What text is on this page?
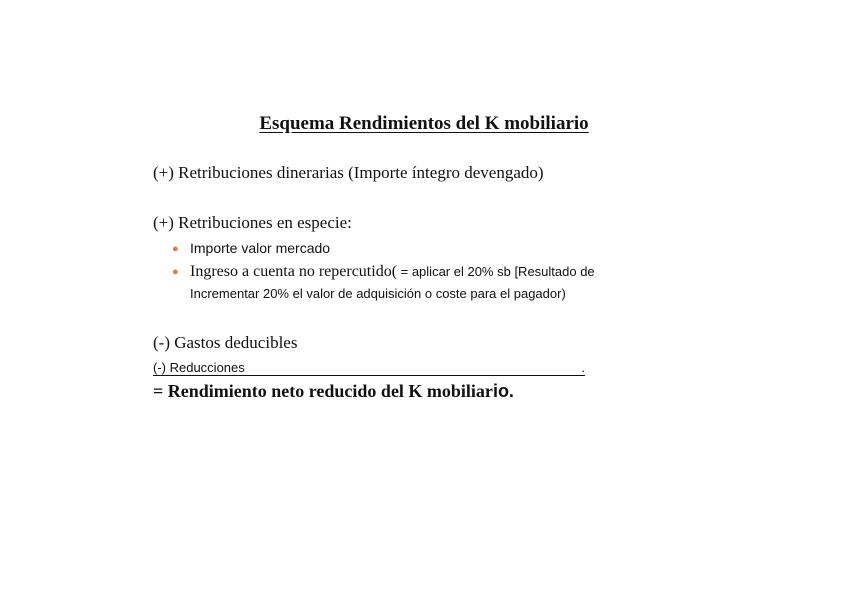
Esquema Rendimientos del K mobiliario
(+) Retribuciones dinerarias (Importe íntegro devengado)
(+) Retribuciones en especie:
● Importe valor mercado
● Ingreso a cuenta no repercutido( = aplicar el 20% sb [Resultado de
Incrementar 20% el valor de adquisición o coste para el pagador)
(-) Gastos deducibles
(-) Reducciones	.
= Rendimiento neto reducido del K mobiliario.
